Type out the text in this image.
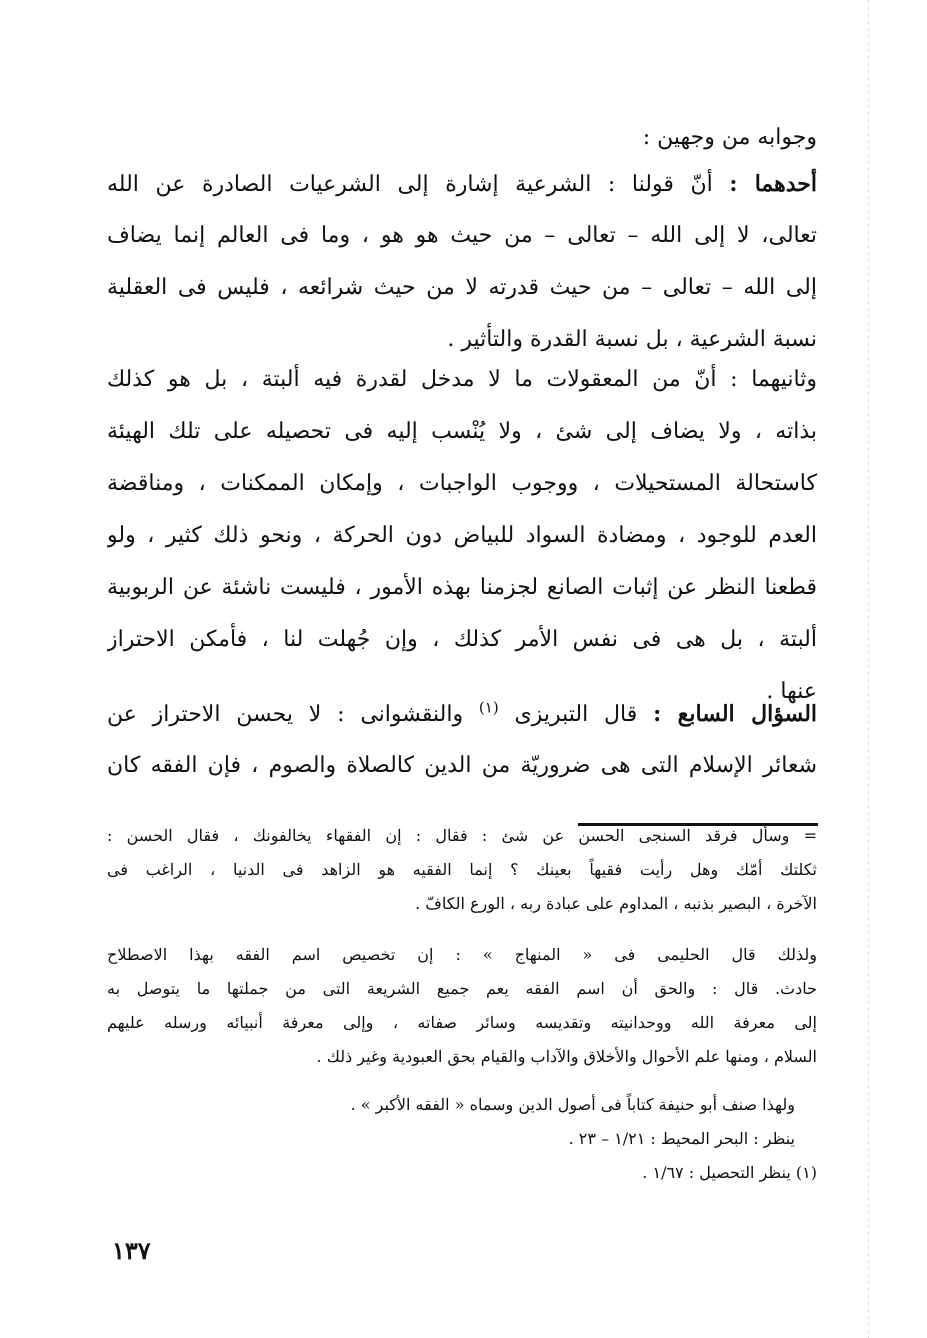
وجوابه من وجهين :
أحدهما : أنّ قولنا : الشرعية إشارة إلى الشرعيات الصادرة عن الله
تعالى، لا إلى الله – تعالى – من حيث هو هو ، وما فى العالم إنما يضاف
إلى الله – تعالى – من حيث قدرته لا من حيث شرائعه ، فليس فى العقلية
نسبة الشرعية ، بل نسبة القدرة والتأثير .
وثانيهما : أنّ من المعقولات ما لا مدخل لقدرة فيه ألبتة ، بل هو كذلك
بذاته ، ولا يضاف إلى شئ ، ولا يُنْسب إليه فى تحصيله على تلك الهيئة
كاستحالة المستحيلات ، ووجوب الواجبات ، وإمكان الممكنات ، ومناقضة
العدم للوجود ، ومضادة السواد للبياض دون الحركة ، ونحو ذلك كثير ، ولو
قطعنا النظر عن إثبات الصانع لجزمنا بهذه الأمور ، فليست ناشئة عن الربوبية
ألبتة ، بل هى فى نفس الأمر كذلك ، وإن جُهلت لنا ، فأمكن الاحتراز
عنها .
السؤال السابع : قال التبريزى $^{(١)}$ والنقشوانى : لا يحسن الاحتراز عن
شعائر الإسلام التى هى ضروريّة من الدين كالصلاة والصوم ، فإن الفقه كان
= وسأل فرقد السنجى الحسن عن شئ : فقال : إن الفقهاء يخالفونك ، فقال الحسن :
ثكلتك أمّك وهل رأيت فقيهاً بعينك ؟ إنما الفقيه هو الزاهد فى الدنيا ، الراغب فى
الآخرة ، البصير بذنبه ، المداوم على عبادة ربه ، الورع الكافّ .
ولذلك قال الحليمى فى « المنهاج » : إن تخصيص اسم الفقه بهذا الاصطلاح
حادث. قال : والحق أن اسم الفقه يعم جميع الشريعة التى من جملتها ما يتوصل به
إلى معرفة الله ووحدانيته وتقديسه وسائر صفاته ، وإلى معرفة أنبيائه ورسله عليهم
السلام ، ومنها علم الأحوال والأخلاق والآداب والقيام بحق العبودية وغير ذلك .
ولهذا صنف أبو حنيفة كتاباً فى أصول الدين وسماه « الفقه الأكبر » .
ينظر : البحر المحيط : ١/٢١ – ٢٣ .
(١) ينظر التحصيل : ١/٦٧ .
١٣٧
